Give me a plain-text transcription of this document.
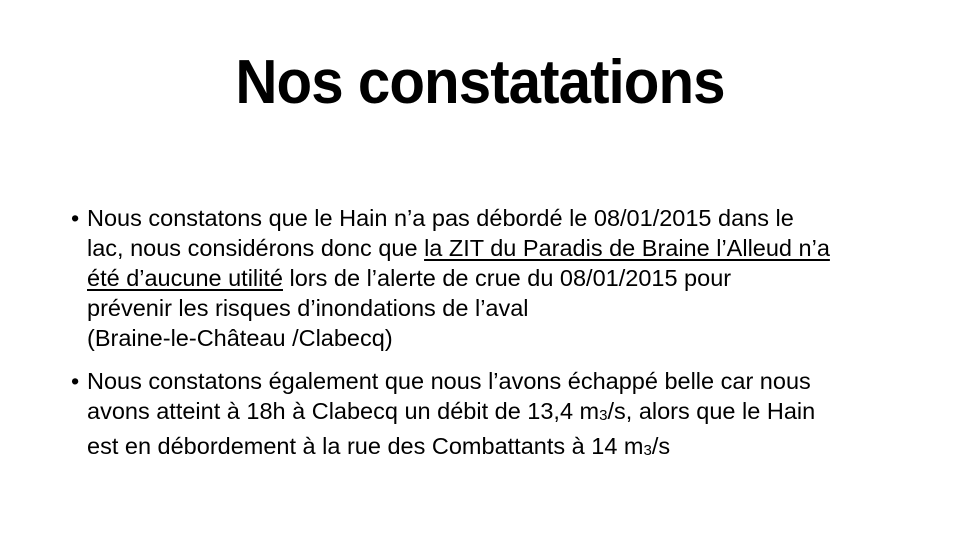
Nos constatations
• Nous constatons que le Hain n’a pas débordé le 08/01/2015 dans le
lac, nous considérons donc que la ZIT du Paradis de Braine l’Alleud n’a
été d’aucune utilité lors de l’alerte de crue du 08/01/2015 pour
prévenir les risques d’inondations de l’aval
(Braine-le-Château /Clabecq)
• Nous constatons également que nous l’avons échappé belle car nous
avons atteint à 18h à Clabecq un débit de 13,4 m3/s, alors que le Hain
est en débordement à la rue des Combattants à 14 m3/s
